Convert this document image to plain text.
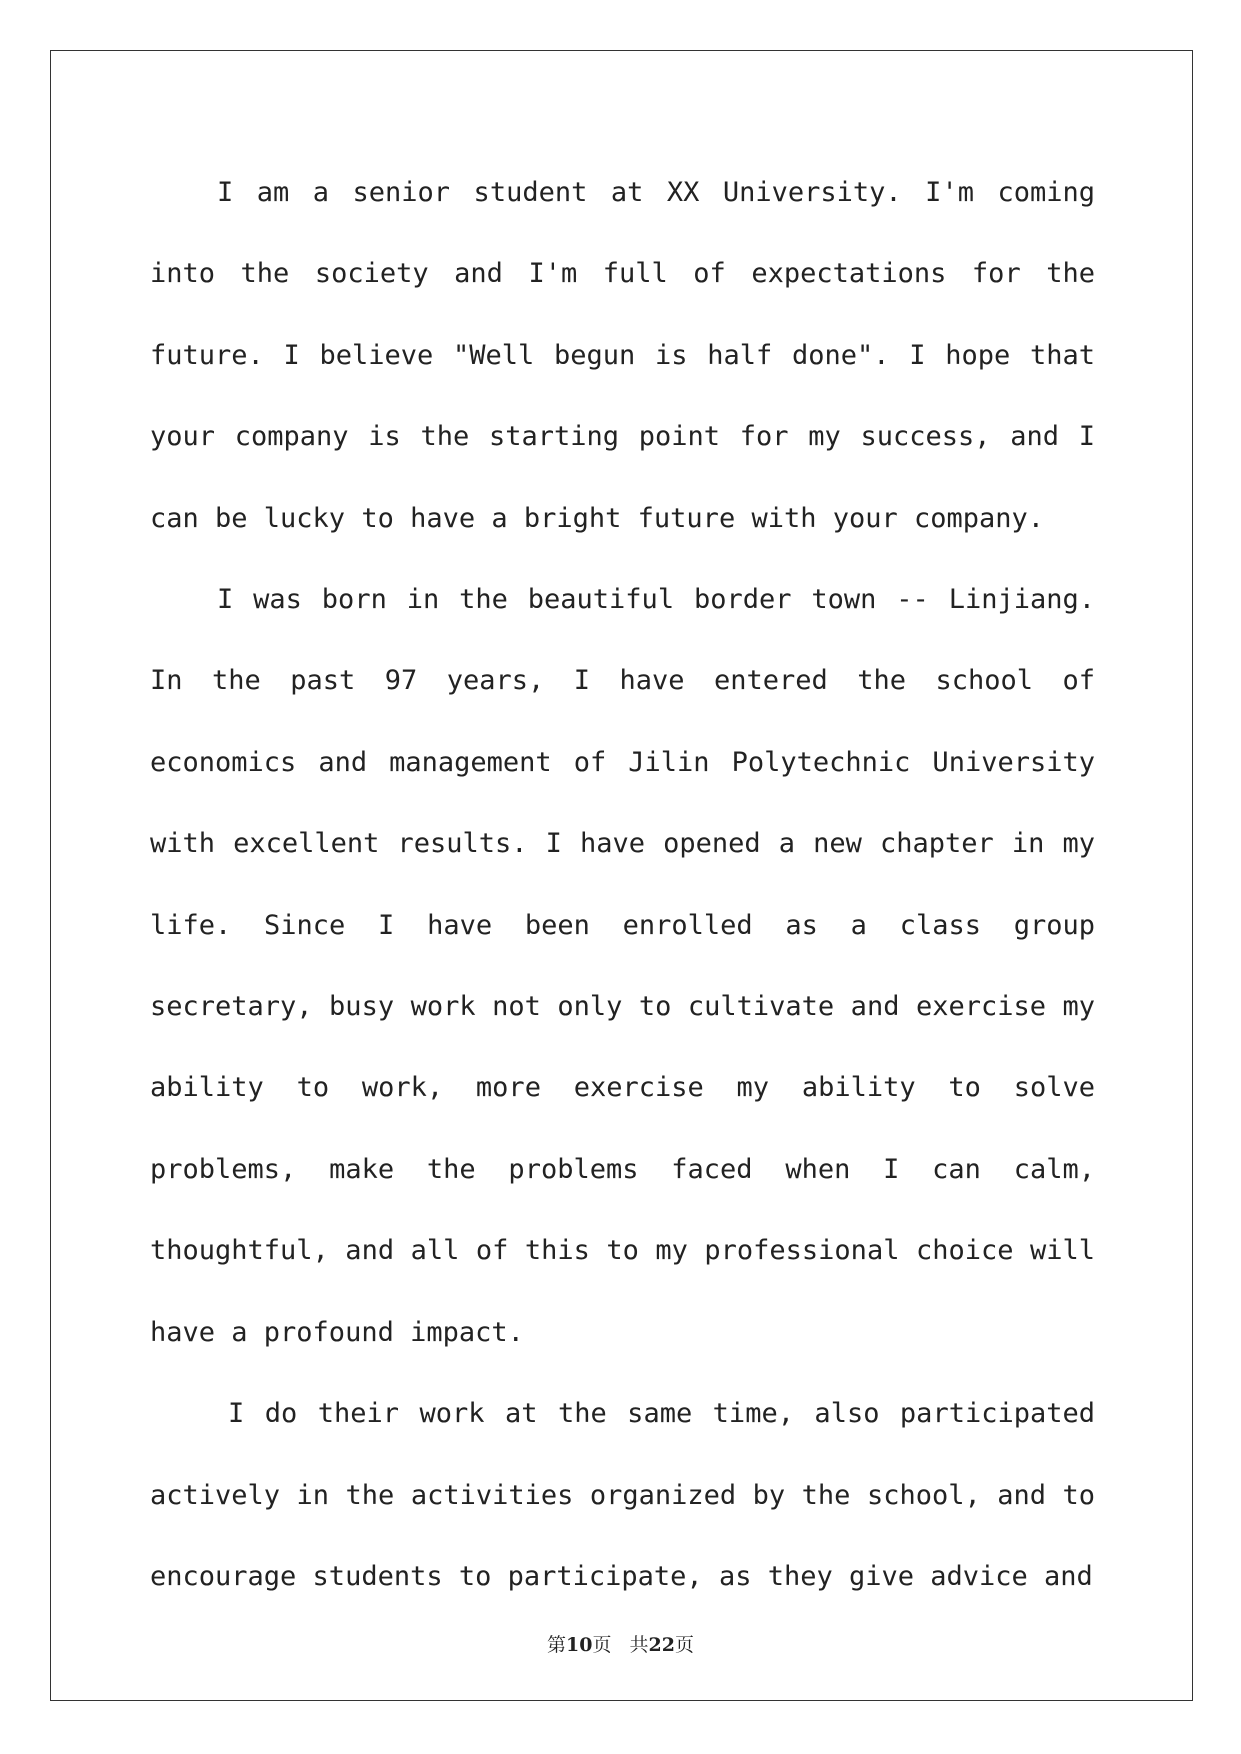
I am a senior student at XX University. I'm coming into the society and I'm full of expectations for the future. I believe "Well begun is half done". I hope that your company is the starting point for my success, and I can be lucky to have a bright future with your company.

I was born in the beautiful border town -- Linjiang. In the past 97 years, I have entered the school of economics and management of Jilin Polytechnic University with excellent results. I have opened a new chapter in my life. Since I have been enrolled as a class group secretary, busy work not only to cultivate and exercise my ability to work, more exercise my ability to solve problems, make the problems faced when I can calm, thoughtful, and all of this to my professional choice will have a profound impact.

I do their work at the same time, also participated actively in the activities organized by the school, and to encourage students to participate, as they give advice and

第10页 共22页
